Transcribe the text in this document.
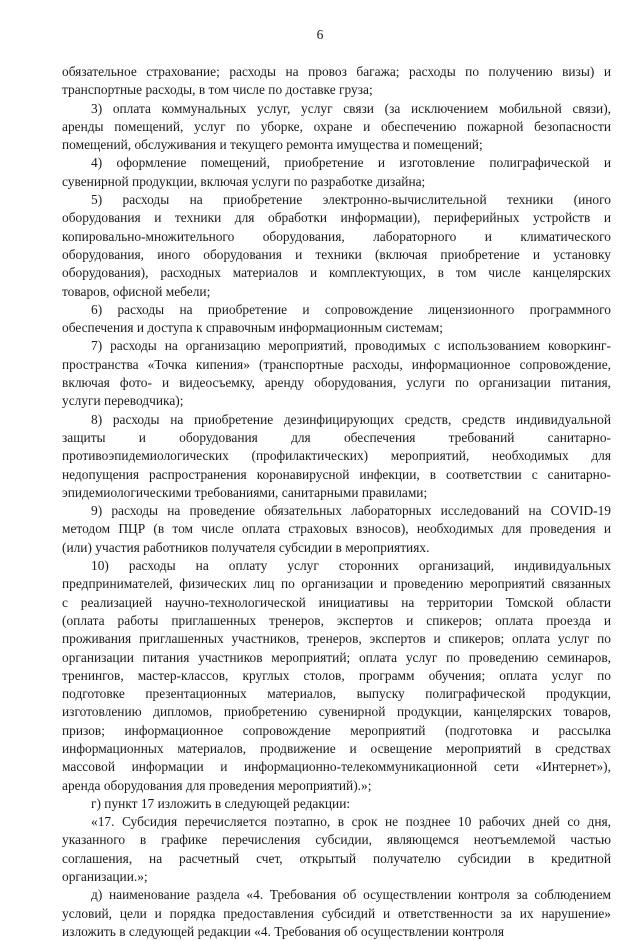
6
обязательное страхование; расходы на провоз багажа; расходы по получению визы) и
транспортные расходы, в том числе по доставке груза;
3) оплата коммунальных услуг, услуг связи (за исключением мобильной связи),
аренды помещений, услуг по уборке, охране и обеспечению пожарной безопасности
помещений, обслуживания и текущего ремонта имущества и помещений;
4) оформление помещений, приобретение и изготовление полиграфической и
сувенирной продукции, включая услуги по разработке дизайна;
5) расходы на приобретение электронно-вычислительной техники (иного
оборудования и техники для обработки информации), периферийных устройств и
копировально-множительного оборудования, лабораторного и климатического
оборудования, иного оборудования и техники (включая приобретение и установку
оборудования), расходных материалов и комплектующих, в том числе канцелярских
товаров, офисной мебели;
6) расходы на приобретение и сопровождение лицензионного программного
обеспечения и доступа к справочным информационным системам;
7) расходы на организацию мероприятий, проводимых с использованием коворкинг-
пространства «Точка кипения» (транспортные расходы, информационное сопровождение,
включая фото- и видеосъемку, аренду оборудования, услуги по организации питания,
услуги переводчика);
8) расходы на приобретение дезинфицирующих средств, средств индивидуальной
защиты и оборудования для обеспечения требований санитарно-
противоэпидемиологических (профилактических) мероприятий, необходимых для
недопущения распространения коронавирусной инфекции, в соответствии с санитарно-
эпидемиологическими требованиями, санитарными правилами;
9) расходы на проведение обязательных лабораторных исследований на COVID-19
методом ПЦР (в том числе оплата страховых взносов), необходимых для проведения и
(или) участия работников получателя субсидии в мероприятиях.
10) расходы на оплату услуг сторонних организаций, индивидуальных
предпринимателей, физических лиц по организации и проведению мероприятий связанных
с реализацией научно-технологической инициативы на территории Томской области
(оплата работы приглашенных тренеров, экспертов и спикеров; оплата проезда и
проживания приглашенных участников, тренеров, экспертов и спикеров; оплата услуг по
организации питания участников мероприятий; оплата услуг по проведению семинаров,
тренингов, мастер-классов, круглых столов, программ обучения; оплата услуг по
подготовке презентационных материалов, выпуску полиграфической продукции,
изготовлению дипломов, приобретению сувенирной продукции, канцелярских товаров,
призов; информационное сопровождение мероприятий (подготовка и рассылка
информационных материалов, продвижение и освещение мероприятий в средствах
массовой информации и информационно-телекоммуникационной сети «Интернет»),
аренда оборудования для проведения мероприятий).»;
г) пункт 17 изложить в следующей редакции:
«17. Субсидия перечисляется поэтапно, в срок не позднее 10 рабочих дней со дня,
указанного в графике перечисления субсидии, являющемся неотъемлемой частью
соглашения, на расчетный счет, открытый получателю субсидии в кредитной
организации.»;
д) наименование раздела «4. Требования об осуществлении контроля за соблюдением
условий, цели и порядка предоставления субсидий и ответственности за их нарушение»
изложить в следующей редакции «4. Требования об осуществлении контроля
